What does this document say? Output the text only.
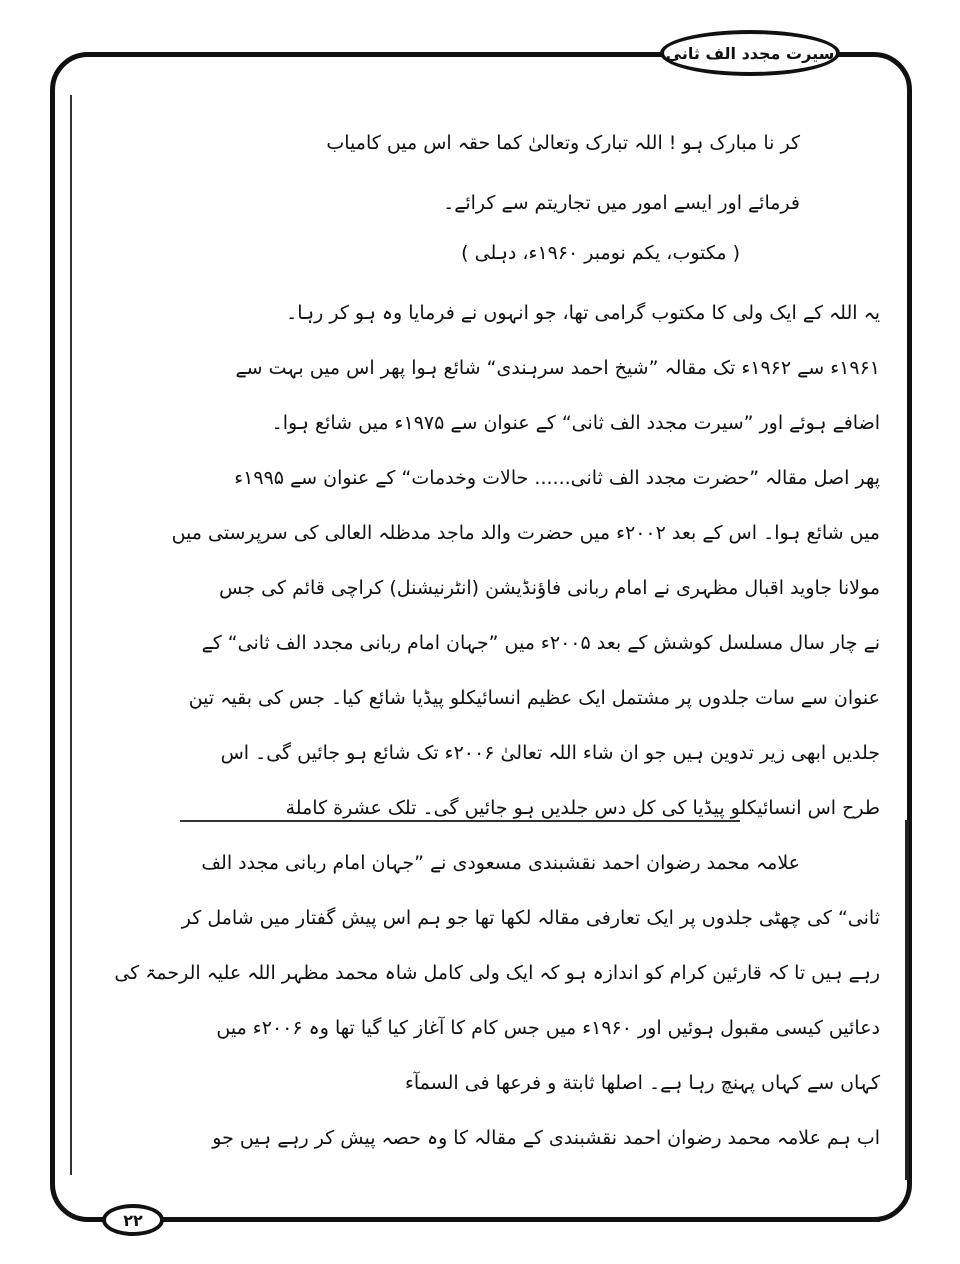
سیرت مجدد الف ثانی
کر نا مبارک ہو ! اللہ تبارک وتعالیٰ کما حقہ اس میں کامیاب
فرمائے اور ایسے امور میں تجاریتم سے کرائے۔
( مکتوب، یکم نومبر ۱۹۶۰ء، دہلی )
یہ اللہ کے ایک ولی کا مکتوب گرامی تھا، جو انہوں نے فرمایا وہ ہو کر رہا۔
۱۹۶۱ء سے ۱۹۶۲ء تک مقالہ ”شیخ احمد سرہندی“ شائع ہوا پھر اس میں بہت سے
اضافے ہوئے اور ”سیرت مجدد الف ثانی“ کے عنوان سے ۱۹۷۵ء میں شائع ہوا۔
پھر اصل مقالہ ”حضرت مجدد الف ثانی...... حالات وخدمات“ کے عنوان سے ۱۹۹۵ء
میں شائع ہوا۔ اس کے بعد ۲۰۰۲ء میں حضرت والد ماجد مدظلہ العالی کی سرپرستی میں
مولانا جاوید اقبال مظہری نے امام ربانی فاؤنڈیشن (انٹرنیشنل) کراچی قائم کی جس
نے چار سال مسلسل کوشش کے بعد ۲۰۰۵ء میں ”جہان امام ربانی مجدد الف ثانی“ کے
عنوان سے سات جلدوں پر مشتمل ایک عظیم انسائیکلو پیڈیا شائع کیا۔ جس کی بقیہ تین
جلدیں ابھی زیر تدوین ہیں جو ان شاء اللہ تعالیٰ ۲۰۰۶ء تک شائع ہو جائیں گی۔ اس
طرح اس انسائیکلو پیڈیا کی کل دس جلدیں ہو جائیں گی۔ تلک عشرة كاملة
علامہ محمد رضوان احمد نقشبندی مسعودی نے ”جہان امام ربانی مجدد الف
ثانی“ کی چھٹی جلدوں پر ایک تعارفی مقالہ لکھا تھا جو ہم اس پیش گفتار میں شامل کر
رہے ہیں تا کہ قارئین کرام کو اندازہ ہو کہ ایک ولی کامل شاہ محمد مظہر اللہ علیہ الرحمۃ کی
دعائیں کیسی مقبول ہوئیں اور ۱۹۶۰ء میں جس کام کا آغاز کیا گیا تھا وہ ۲۰۰۶ء میں
کہاں سے کہاں پہنچ رہا ہے۔ اصلها ثابتة و فرعها فى السمآء
اب ہم علامہ محمد رضوان احمد نقشبندی کے مقالہ کا وہ حصہ پیش کر رہے ہیں جو
۲۲
